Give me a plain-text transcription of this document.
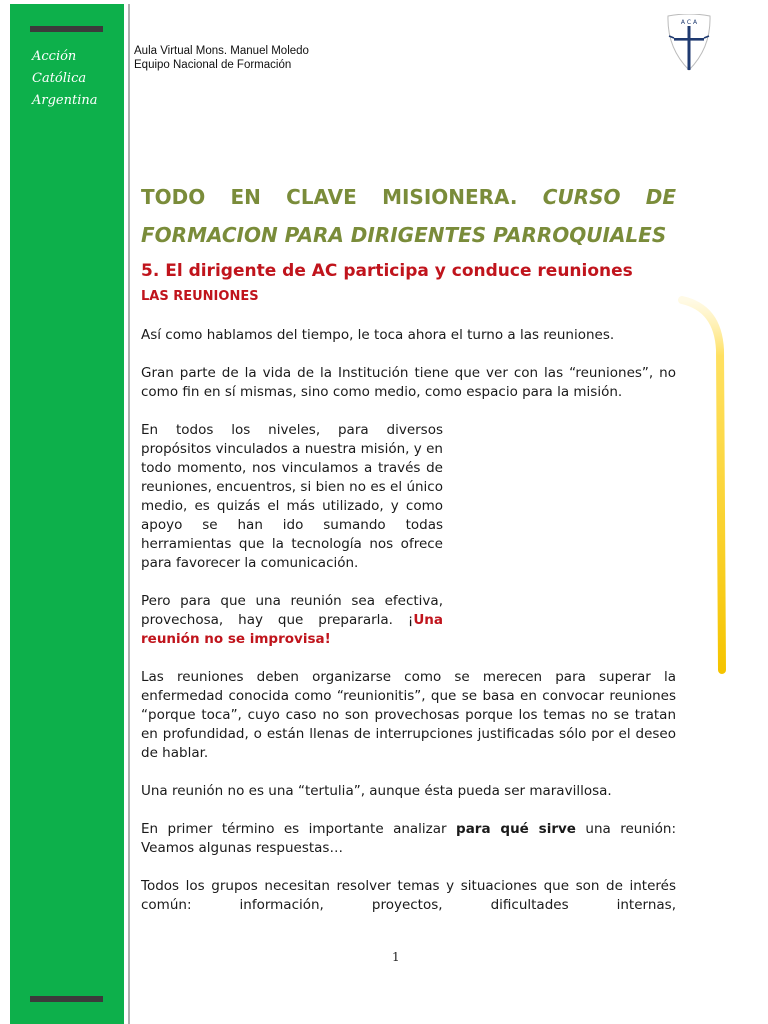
Acción
Católica
Argentina

Aula Virtual Mons. Manuel Moledo
Equipo Nacional de Formación
A C A
TODO EN CLAVE MISIONERA. CURSO DE
FORMACION PARA DIRIGENTES PARROQUIALES
5. El dirigente de AC participa y conduce reuniones
LAS REUNIONES

Así como hablamos del tiempo, le toca ahora el turno a las reuniones.

Gran parte de la vida de la Institución tiene que ver con las “reuniones”, no como fin en sí mismas, sino como medio, como espacio para la misión.

En todos los niveles, para diversos propósitos vinculados a nuestra misión, y en todo momento, nos vinculamos a través de reuniones, encuentros, si bien no es el único medio, es quizás el más utilizado, y como apoyo se han ido sumando todas herramientas que la tecnología nos ofrece para favorecer la comunicación.

Pero para que una reunión sea efectiva, provechosa, hay que prepararla. ¡Una reunión no se improvisa!

Las reuniones deben organizarse como se merecen para superar la enfermedad conocida como “reunionitis”, que se basa en convocar reuniones “porque toca”, cuyo caso no son provechosas porque los temas no se tratan en profundidad, o están llenas de interrupciones justificadas sólo por el deseo de hablar.

Una reunión no es una “tertulia”, aunque ésta pueda ser maravillosa.

En primer término es importante analizar para qué sirve una reunión: Veamos algunas respuestas…

Todos los grupos necesitan resolver temas y situaciones que son de interés común: información, proyectos, dificultades internas,

1
